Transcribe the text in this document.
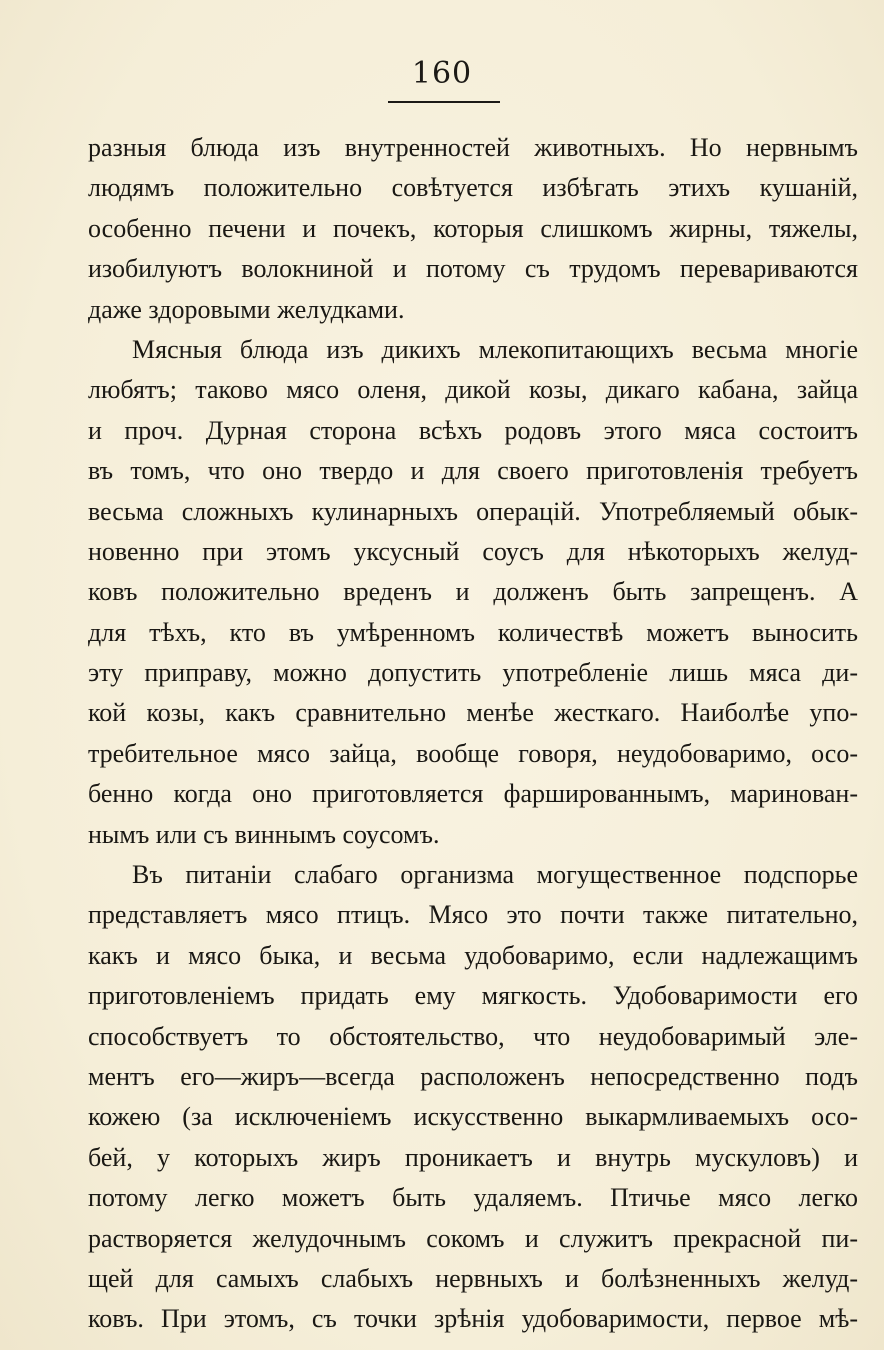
160
разныя блюда изъ внутренностей животныхъ. Но нервнымъ
людямъ положительно совѣтуется избѣгать этихъ кушаній,
особенно печени и почекъ, которыя слишкомъ жирны, тяжелы,
изобилуютъ волокниной и потому съ трудомъ перевариваются
даже здоровыми желудками.
Мясныя блюда изъ дикихъ млекопитающихъ весьма многіе
любятъ; таково мясо оленя, дикой козы, дикаго кабана, зайца
и проч. Дурная сторона всѣхъ родовъ этого мяса состоитъ
въ томъ, что оно твердо и для своего приготовленія требуетъ
весьма сложныхъ кулинарныхъ операцій. Употребляемый обык-
новенно при этомъ уксусный соусъ для нѣкоторыхъ желуд-
ковъ положительно вреденъ и долженъ быть запрещенъ. А
для тѣхъ, кто въ умѣренномъ количествѣ можетъ выносить
эту приправу, можно допустить употребленіе лишь мяса ди-
кой козы, какъ сравнительно менѣе жесткаго. Наиболѣе упо-
требительное мясо зайца, вообще говоря, неудобоваримо, осо-
бенно когда оно приготовляется фаршированнымъ, маринован-
нымъ или съ виннымъ соусомъ.
Въ питаніи слабаго организма могущественное подспорье
представляетъ мясо птицъ. Мясо это почти также питательно,
какъ и мясо быка, и весьма удобоваримо, если надлежащимъ
приготовленіемъ придать ему мягкость. Удобоваримости его
способствуетъ то обстоятельство, что неудобоваримый эле-
ментъ его—жиръ—всегда расположенъ непосредственно подъ
кожею (за исключеніемъ искусственно выкармливаемыхъ осо-
бей, у которыхъ жиръ проникаетъ и внутрь мускуловъ) и
потому легко можетъ быть удаляемъ. Птичье мясо легко
растворяется желудочнымъ сокомъ и служитъ прекрасной пи-
щей для самыхъ слабыхъ нервныхъ и болѣзненныхъ желуд-
ковъ. При этомъ, съ точки зрѣнія удобоваримости, первое мѣ-
